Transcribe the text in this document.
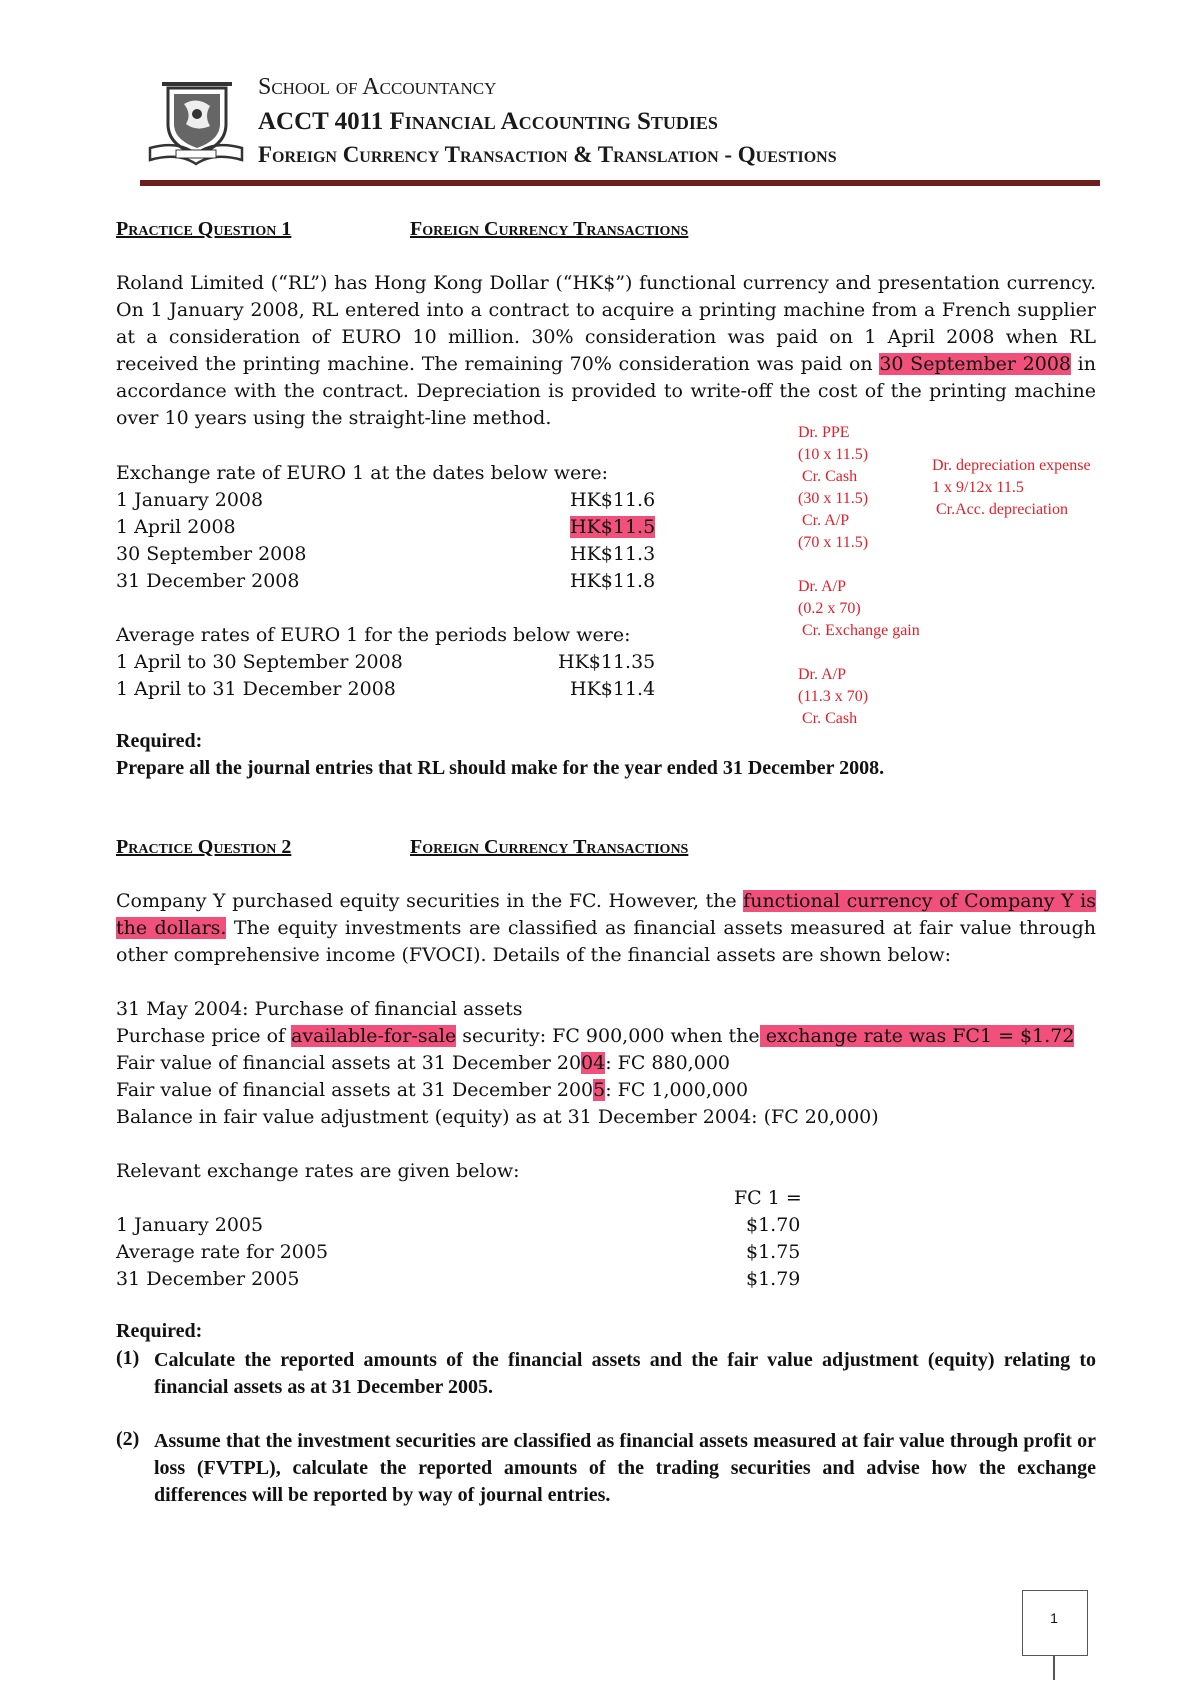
School of Accountancy
ACCT 4011 Financial Accounting Studies
Foreign Currency Transaction & Translation - Questions
Practice Question 1	Foreign Currency Transactions
Roland Limited (“RL”) has Hong Kong Dollar (“HK$”) functional currency and presentation currency. On 1 January 2008, RL entered into a contract to acquire a printing machine from a French supplier at a consideration of EURO 10 million. 30% consideration was paid on 1 April 2008 when RL received the printing machine. The remaining 70% consideration was paid on 30 September 2008 in accordance with the contract. Depreciation is provided to write-off the cost of the printing machine over 10 years using the straight-line method.
Exchange rate of EURO 1 at the dates below were:
1 January 2008	HK$11.6
1 April 2008	HK$11.5
30 September 2008	HK$11.3
31 December 2008	HK$11.8
Average rates of EURO 1 for the periods below were:
1 April to 30 September 2008	HK$11.35
1 April to 31 December 2008	HK$11.4
Required:
Prepare all the journal entries that RL should make for the year ended 31 December 2008.
Dr. PPE
(10 x 11.5)
Cr. Cash
(30 x 11.5)
Cr. A/P
(70 x 11.5)
Dr. A/P
(0.2 x 70)
Cr. Exchange gain
Dr. A/P
(11.3 x 70)
Cr. Cash
Dr. depreciation expense
1 x 9/12x 11.5
Cr.Acc. depreciation
Practice Question 2	Foreign Currency Transactions
Company Y purchased equity securities in the FC. However, the functional currency of Company Y is the dollars. The equity investments are classified as financial assets measured at fair value through other comprehensive income (FVOCI). Details of the financial assets are shown below:
31 May 2004: Purchase of financial assets
Purchase price of available-for-sale security: FC 900,000 when the exchange rate was FC1 = $1.72
Fair value of financial assets at 31 December 2004: FC 880,000
Fair value of financial assets at 31 December 2005: FC 1,000,000
Balance in fair value adjustment (equity) as at 31 December 2004: (FC 20,000)
Relevant exchange rates are given below:
FC 1 =
1 January 2005	$1.70
Average rate for 2005	$1.75
31 December 2005	$1.79
Required:
(1) Calculate the reported amounts of the financial assets and the fair value adjustment (equity) relating to financial assets as at 31 December 2005.
(2) Assume that the investment securities are classified as financial assets measured at fair value through profit or loss (FVTPL), calculate the reported amounts of the trading securities and advise how the exchange differences will be reported by way of journal entries.
1
